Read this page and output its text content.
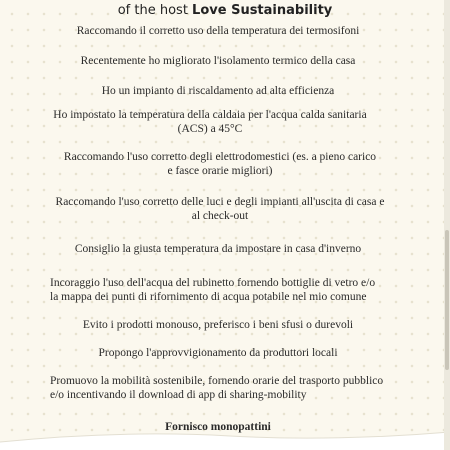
of the host Love Sustainability
Raccomando il corretto uso della temperatura dei termosifoni
Recentemente ho migliorato l'isolamento termico della casa
Ho un impianto di riscaldamento ad alta efficienza
Ho impostato la temperatura della caldaia per l'acqua calda sanitaria (ACS) a 45°C
Raccomando l'uso corretto degli elettrodomestici (es. a pieno carico e fasce orarie migliori)
Raccomando l'uso corretto delle luci e degli impianti all'uscita di casa e al check-out
Consiglio la giusta temperatura da impostare in casa d'inverno
Incoraggio l'uso dell'acqua del rubinetto fornendo bottiglie di vetro e/o la mappa dei punti di rifornimento di acqua potabile nel mio comune
Evito i prodotti monouso, preferisco i beni sfusi o durevoli
Propongo l'approvvigionamento da produttori locali
Promuovo la mobilità sostenibile, fornendo orarie del trasporto pubblico e/o incentivando il download di app di sharing-mobility
Fornisco monopattini
